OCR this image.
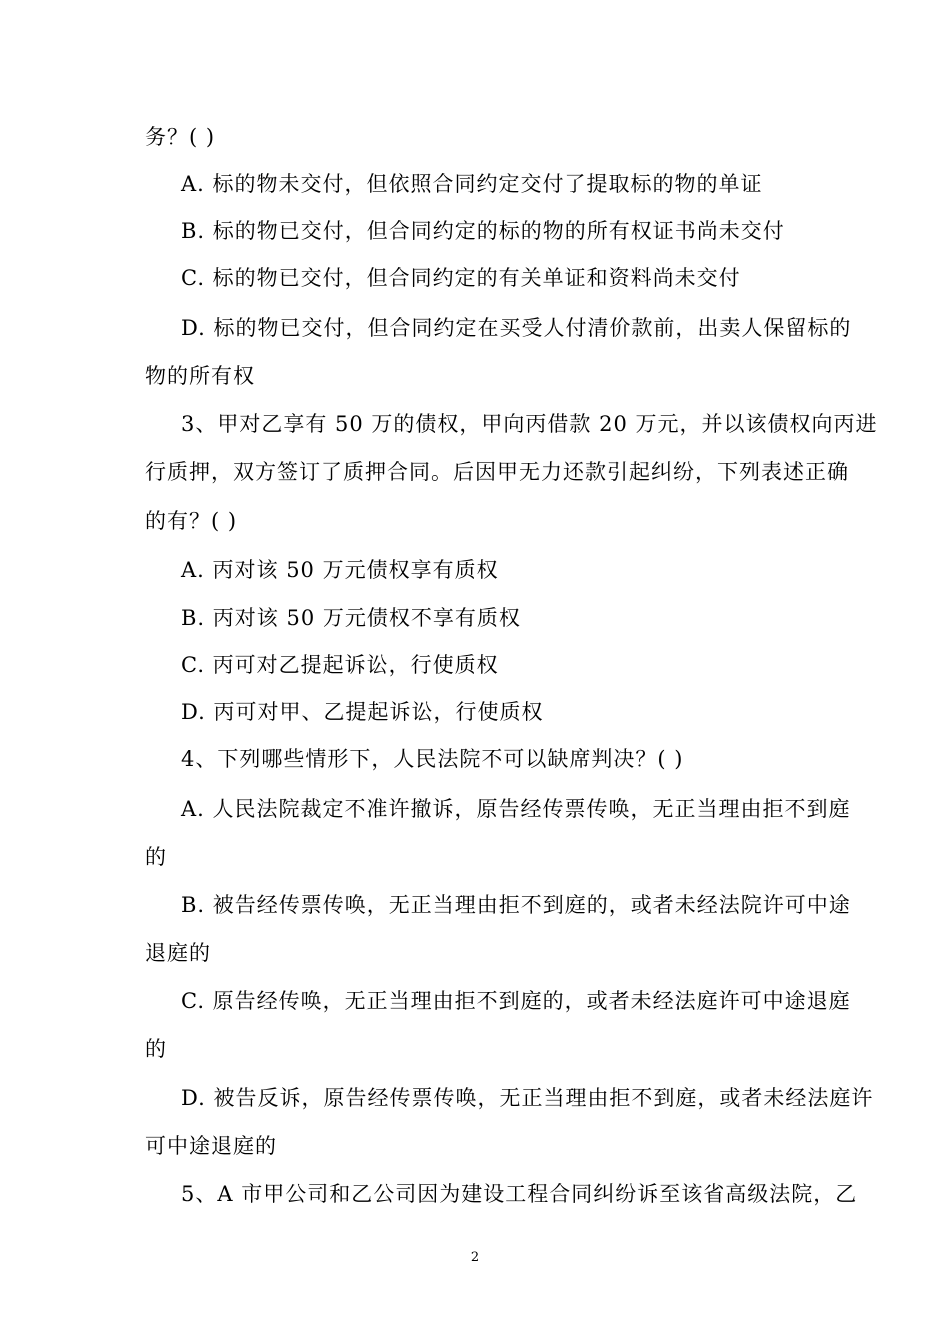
务？( )
A. 标的物未交付，但依照合同约定交付了提取标的物的单证
B. 标的物已交付，但合同约定的标的物的所有权证书尚未交付
C. 标的物已交付，但合同约定的有关单证和资料尚未交付
D. 标的物已交付，但合同约定在买受人付清价款前，出卖人保留标的
物的所有权
3、甲对乙享有 50 万的债权，甲向丙借款 20 万元，并以该债权向丙进
行质押，双方签订了质押合同。后因甲无力还款引起纠纷，下列表述正确
的有？( )
A. 丙对该 50 万元债权享有质权
B. 丙对该 50 万元债权不享有质权
C. 丙可对乙提起诉讼，行使质权
D. 丙可对甲、乙提起诉讼，行使质权
4、下列哪些情形下，人民法院不可以缺席判决？( )
A. 人民法院裁定不准许撤诉，原告经传票传唤，无正当理由拒不到庭
的
B. 被告经传票传唤，无正当理由拒不到庭的，或者未经法院许可中途
退庭的
C. 原告经传唤，无正当理由拒不到庭的，或者未经法庭许可中途退庭
的
D. 被告反诉，原告经传票传唤，无正当理由拒不到庭，或者未经法庭许
可中途退庭的
5、A 市甲公司和乙公司因为建设工程合同纠纷诉至该省高级法院，乙
2
